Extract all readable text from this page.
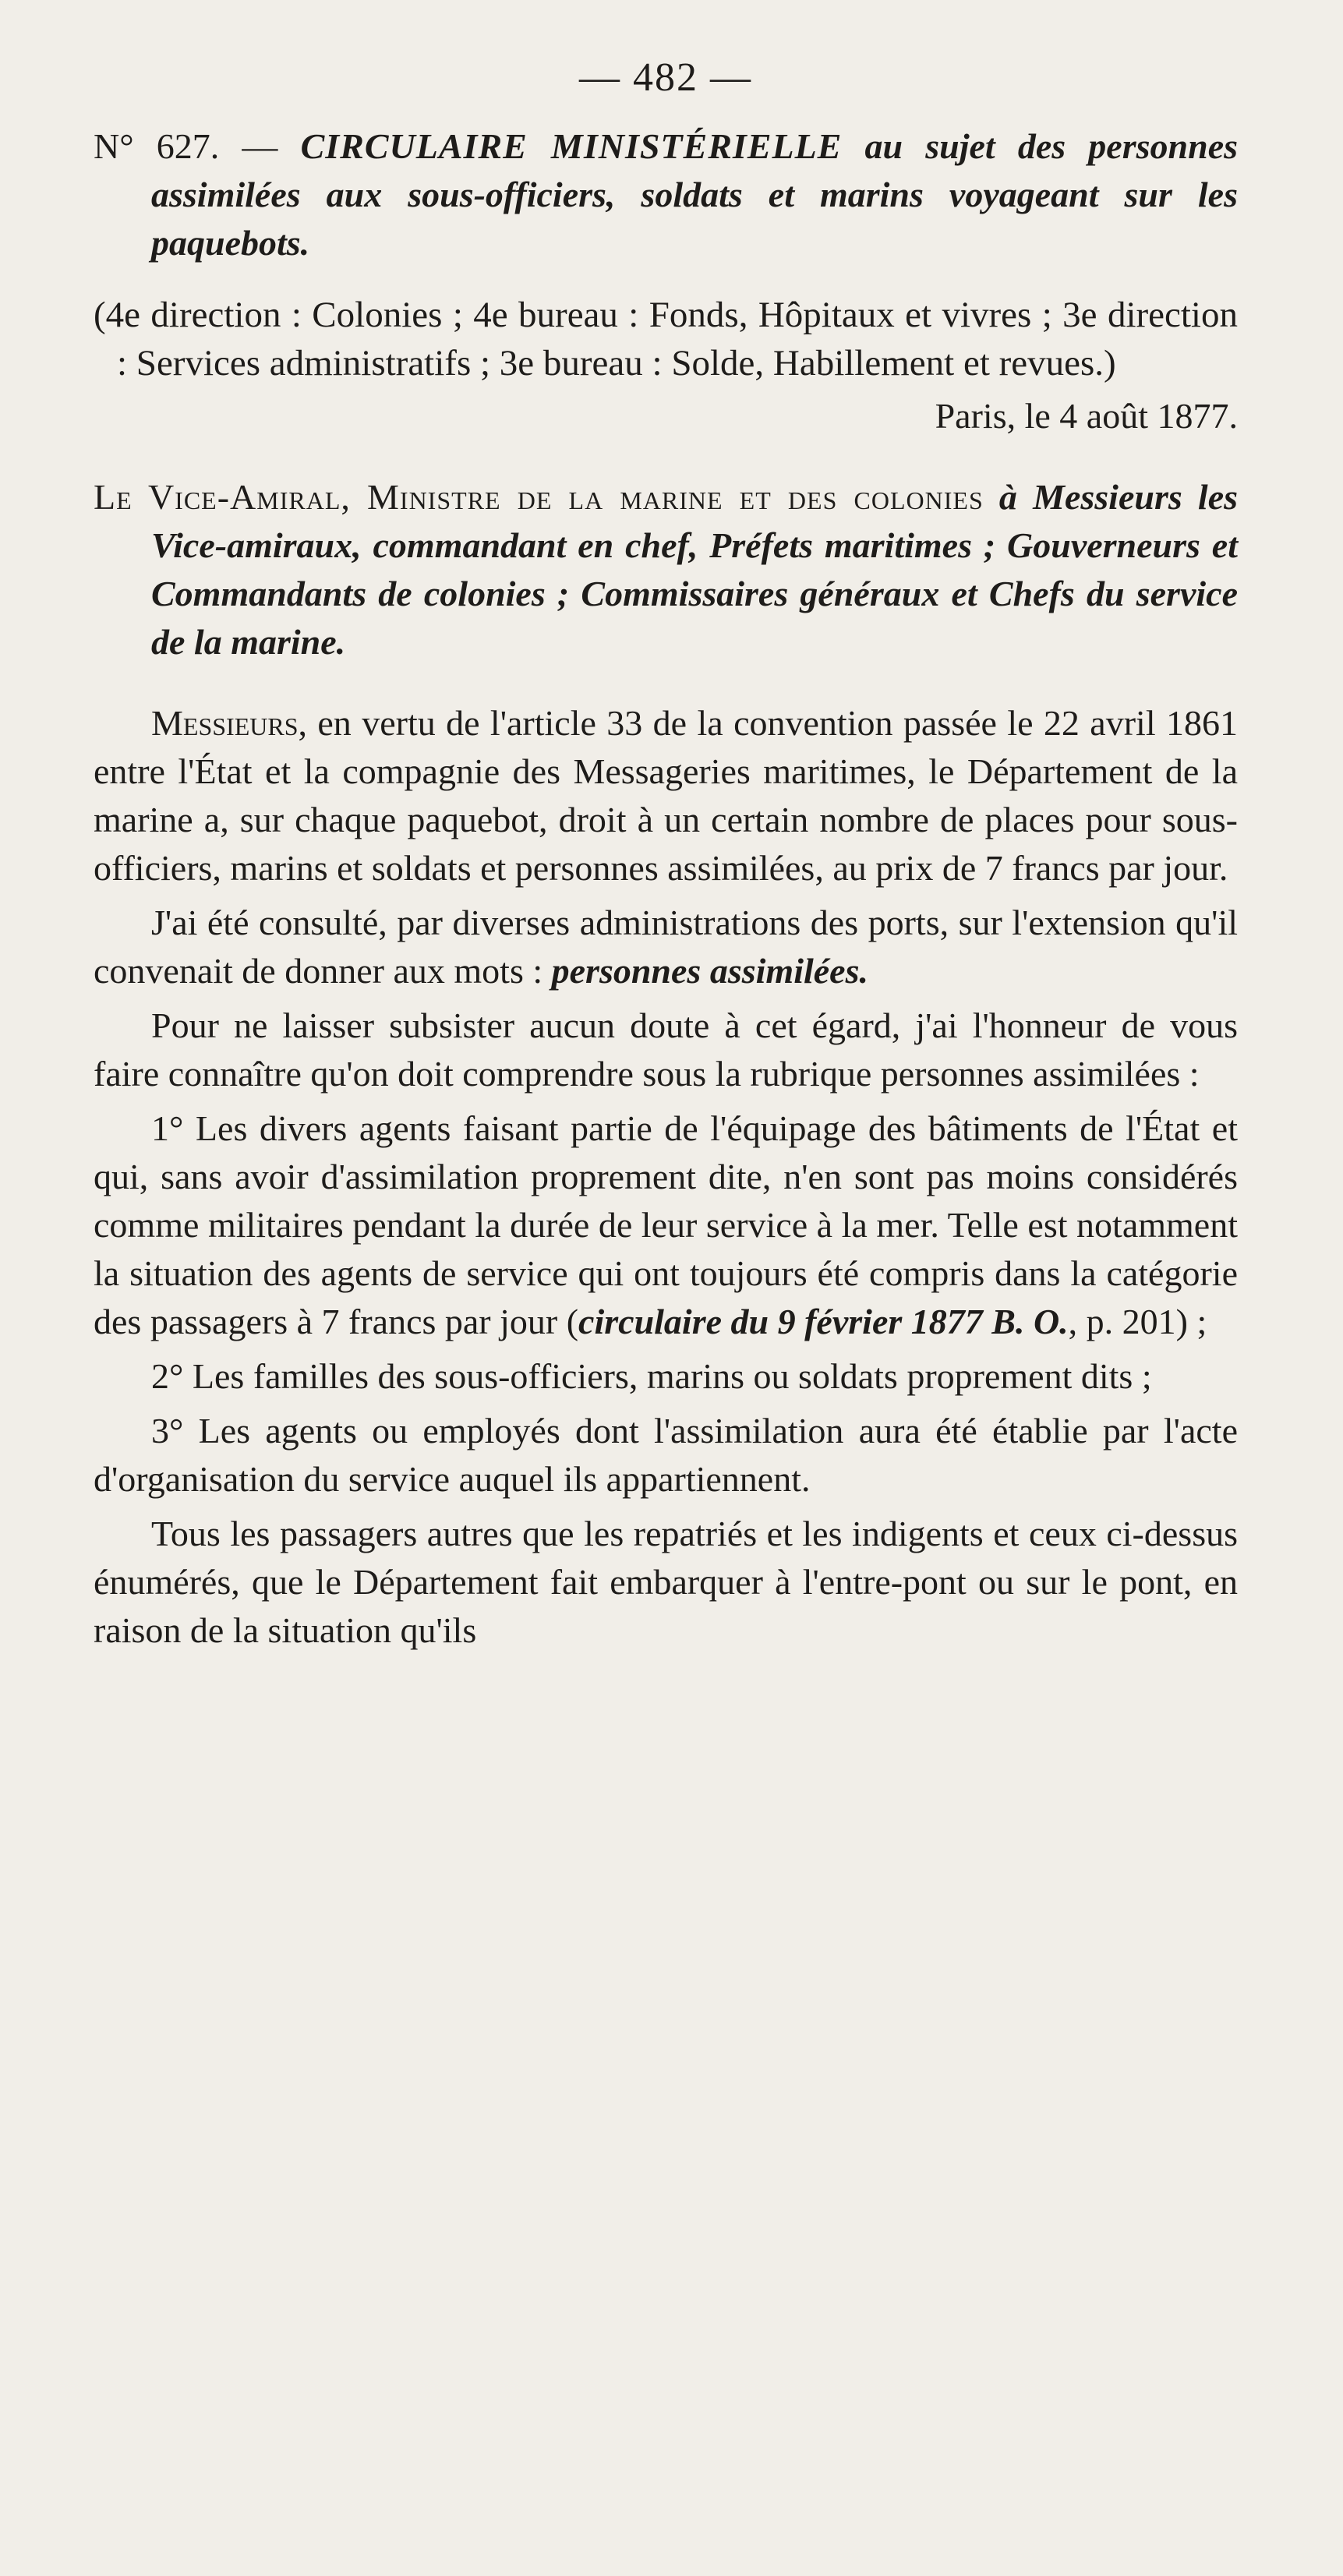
— 482 —

N° 627. — CIRCULAIRE MINISTÉRIELLE au sujet des personnes assimilées aux sous-officiers, soldats et marins voyageant sur les paquebots.

(4e direction : Colonies ; 4e bureau : Fonds, Hôpitaux et vivres ; 3e direction : Services administratifs ; 3e bureau : Solde, Habillement et revues.)

Paris, le 4 août 1877.

Le Vice-Amiral, Ministre de la marine et des colonies à Messieurs les Vice-amiraux, commandant en chef, Préfets maritimes ; Gouverneurs et Commandants de colonies ; Commissaires généraux et Chefs du service de la marine.

Messieurs, en vertu de l'article 33 de la convention passée le 22 avril 1861 entre l'État et la compagnie des Messageries maritimes, le Département de la marine a, sur chaque paquebot, droit à un certain nombre de places pour sous-officiers, marins et soldats et personnes assimilées, au prix de 7 francs par jour.

J'ai été consulté, par diverses administrations des ports, sur l'extension qu'il convenait de donner aux mots : personnes assimilées.

Pour ne laisser subsister aucun doute à cet égard, j'ai l'honneur de vous faire connaître qu'on doit comprendre sous la rubrique personnes assimilées :

1° Les divers agents faisant partie de l'équipage des bâtiments de l'État et qui, sans avoir d'assimilation proprement dite, n'en sont pas moins considérés comme militaires pendant la durée de leur service à la mer. Telle est notamment la situation des agents de service qui ont toujours été compris dans la catégorie des passagers à 7 francs par jour (circulaire du 9 février 1877 B. O., p. 201) ;

2° Les familles des sous-officiers, marins ou soldats proprement dits ;

3° Les agents ou employés dont l'assimilation aura été établie par l'acte d'organisation du service auquel ils appartiennent.

Tous les passagers autres que les repatriés et les indigents et ceux ci-dessus énumérés, que le Département fait embarquer à l'entre-pont ou sur le pont, en raison de la situation qu'ils
